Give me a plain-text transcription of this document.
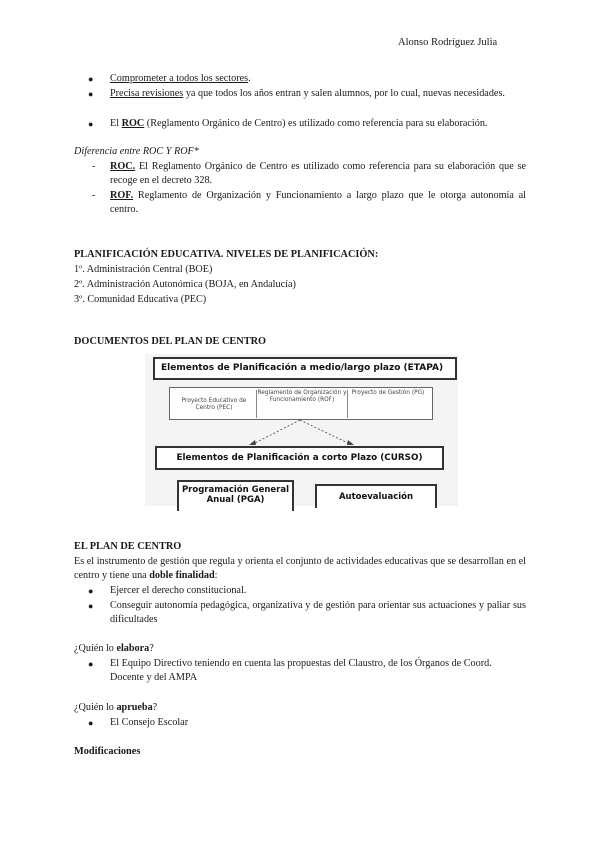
Alonso Rodríguez Julia
● Comprometer a todos los sectores.
● Precisa revisiones ya que todos los años entran y salen alumnos, por lo cual, nuevas necesidades.
● El ROC (Reglamento Orgánico de Centro) es utilizado como referencia para su elaboración.
Diferencia entre ROC Y ROF*
- ROC. El Reglamento Orgánico de Centro es utilizado como referencia para su elaboración que se recoge en el decreto 328.
- ROF. Reglamento de Organización y Funcionamiento a largo plazo que le otorga autonomía al centro.
PLANIFICACIÓN EDUCATIVA. NIVELES DE PLANIFICACIÓN:
1º. Administración Central (BOE)
2º. Administración Autonómica (BOJA, en Andalucía)
3º. Comunidad Educativa (PEC)
DOCUMENTOS DEL PLAN DE CENTRO
Elementos de Planificación a medio/largo plazo (ETAPA)
Proyecto Educativo de Centro (PEC)
Reglamento de Organización y Funcionamiento (ROF)
Proyecto de Gestión (PG)
Elementos de Planificación a corto Plazo (CURSO)
Programación General Anual (PGA)	Autoevaluación
EL PLAN DE CENTRO
Es el instrumento de gestión que regula y orienta el conjunto de actividades educativas que se desarrollan en el centro y tiene una doble finalidad:
● Ejercer el derecho constitucional.
● Conseguir autonomía pedagógica, organizativa y de gestión para orientar sus actuaciones y paliar sus dificultades
¿Quién lo elabora?
● El Equipo Directivo teniendo en cuenta las propuestas del Claustro, de los Órganos de Coord. Docente y del AMPA
¿Quién lo aprueba?
● El Consejo Escolar
Modificaciones
